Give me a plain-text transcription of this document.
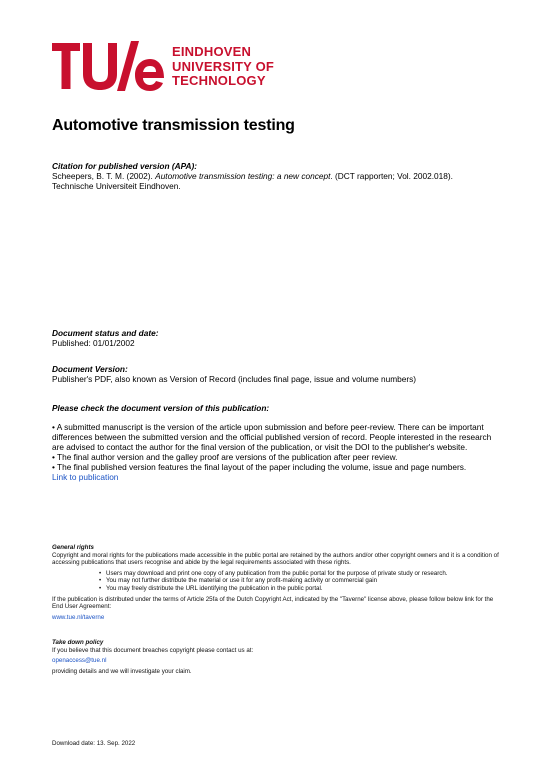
EINDHOVEN
UNIVERSITY OF
TECHNOLOGY
Automotive transmission testing
Citation for published version (APA):
Scheepers, B. T. M. (2002). Automotive transmission testing: a new concept. (DCT rapporten; Vol. 2002.018).
Technische Universiteit Eindhoven.
Document status and date:
Published: 01/01/2002
Document Version:
Publisher's PDF, also known as Version of Record (includes final page, issue and volume numbers)
Please check the document version of this publication:
• A submitted manuscript is the version of the article upon submission and before peer-review. There can be important differences between the submitted version and the official published version of record. People interested in the research are advised to contact the author for the final version of the publication, or visit the DOI to the publisher's website.
• The final author version and the galley proof are versions of the publication after peer review.
• The final published version features the final layout of the paper including the volume, issue and page numbers.
Link to publication
General rights
Copyright and moral rights for the publications made accessible in the public portal are retained by the authors and/or other copyright owners and it is a condition of accessing publications that users recognise and abide by the legal requirements associated with these rights.
• Users may download and print one copy of any publication from the public portal for the purpose of private study or research.
• You may not further distribute the material or use it for any profit-making activity or commercial gain
• You may freely distribute the URL identifying the publication in the public portal.
If the publication is distributed under the terms of Article 25fa of the Dutch Copyright Act, indicated by the "Taverne" license above, please follow below link for the End User Agreement:
www.tue.nl/taverne
Take down policy
If you believe that this document breaches copyright please contact us at:
openaccess@tue.nl
providing details and we will investigate your claim.
Download date: 13. Sep. 2022
